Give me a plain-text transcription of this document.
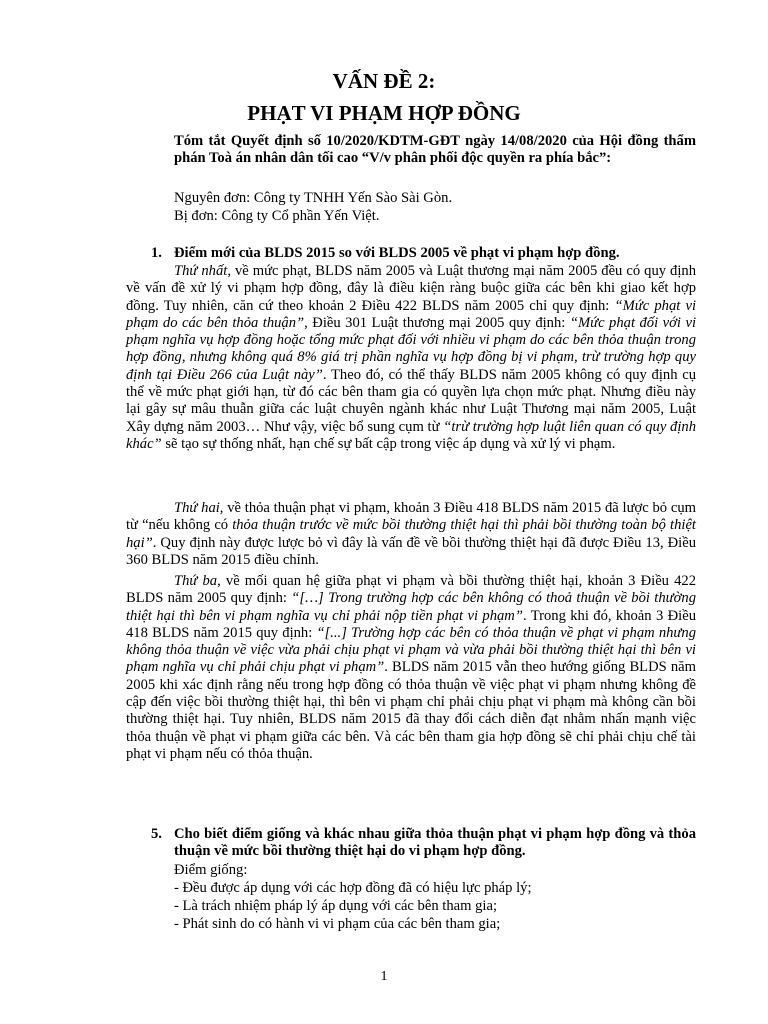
VẤN ĐỀ 2:
PHẠT VI PHẠM HỢP ĐỒNG

Tóm tắt Quyết định số 10/2020/KDTM-GĐT ngày 14/08/2020 của Hội đồng thẩm phán Toà án nhân dân tối cao “V/v phân phối độc quyền ra phía bắc”:

Nguyên đơn: Công ty TNHH Yến Sào Sài Gòn.

Bị đơn: Công ty Cổ phần Yến Việt.

1. Điểm mới của BLDS 2015 so với BLDS 2005 về phạt vi phạm hợp đồng.

Thứ nhất, về mức phạt, BLDS năm 2005 và Luật thương mại năm 2005 đều có quy định về vấn đề xử lý vi phạm hợp đồng, đây là điều kiện ràng buộc giữa các bên khi giao kết hợp đồng. Tuy nhiên, căn cứ theo khoản 2 Điều 422 BLDS năm 2005 chỉ quy định: “Mức phạt vi phạm do các bên thỏa thuận”, Điều 301 Luật thương mại 2005 quy định: “Mức phạt đối với vi phạm nghĩa vụ hợp đồng hoặc tổng mức phạt đối với nhiều vi phạm do các bên thỏa thuận trong hợp đồng, nhưng không quá 8% giá trị phần nghĩa vụ hợp đồng bị vi phạm, trừ trường hợp quy định tại Điều 266 của Luật này”. Theo đó, có thể thấy BLDS năm 2005 không có quy định cụ thể về mức phạt giới hạn, từ đó các bên tham gia có quyền lựa chọn mức phạt. Nhưng điều này lại gây sự mâu thuẫn giữa các luật chuyên ngành khác như Luật Thương mại năm 2005, Luật Xây dựng năm 2003… Như vậy, việc bổ sung cụm từ “trừ trường hợp luật liên quan có quy định khác” sẽ tạo sự thống nhất, hạn chế sự bất cập trong việc áp dụng và xử lý vi phạm.

Thứ hai, về thỏa thuận phạt vi phạm, khoản 3 Điều 418 BLDS năm 2015 đã lược bỏ cụm từ “nếu không có thỏa thuận trước về mức bồi thường thiệt hại thì phải bồi thường toàn bộ thiệt hại”. Quy định này được lược bỏ vì đây là vấn đề về bồi thường thiệt hại đã được Điều 13, Điều 360 BLDS năm 2015 điều chỉnh.

Thứ ba, về mối quan hệ giữa phạt vi phạm và bồi thường thiệt hại, khoản 3 Điều 422 BLDS năm 2005 quy định: “[…] Trong trường hợp các bên không có thoả thuận về bồi thường thiệt hại thì bên vi phạm nghĩa vụ chỉ phải nộp tiền phạt vi phạm”. Trong khi đó, khoản 3 Điều 418 BLDS năm 2015 quy định: “[...] Trường hợp các bên có thỏa thuận về phạt vi phạm nhưng không thỏa thuận về việc vừa phải chịu phạt vi phạm và vừa phải bồi thường thiệt hại thì bên vi phạm nghĩa vụ chỉ phải chịu phạt vi phạm”. BLDS năm 2015 vẫn theo hướng giống BLDS năm 2005 khi xác định rằng nếu trong hợp đồng có thỏa thuận về việc phạt vi phạm nhưng không đề cập đến việc bồi thường thiệt hại, thì bên vi phạm chỉ phải chịu phạt vi phạm mà không cần bồi thường thiệt hại. Tuy nhiên, BLDS năm 2015 đã thay đổi cách diễn đạt nhằm nhấn mạnh việc thỏa thuận về phạt vi phạm giữa các bên. Và các bên tham gia hợp đồng sẽ chỉ phải chịu chế tài phạt vi phạm nếu có thỏa thuận.

5. Cho biết điểm giống và khác nhau giữa thỏa thuận phạt vi phạm hợp đồng và thỏa thuận về mức bồi thường thiệt hại do vi phạm hợp đồng.

Điểm giống:

- Đều được áp dụng với các hợp đồng đã có hiệu lực pháp lý;

- Là trách nhiệm pháp lý áp dụng với các bên tham gia;

- Phát sinh do có hành vi vi phạm của các bên tham gia;

1
